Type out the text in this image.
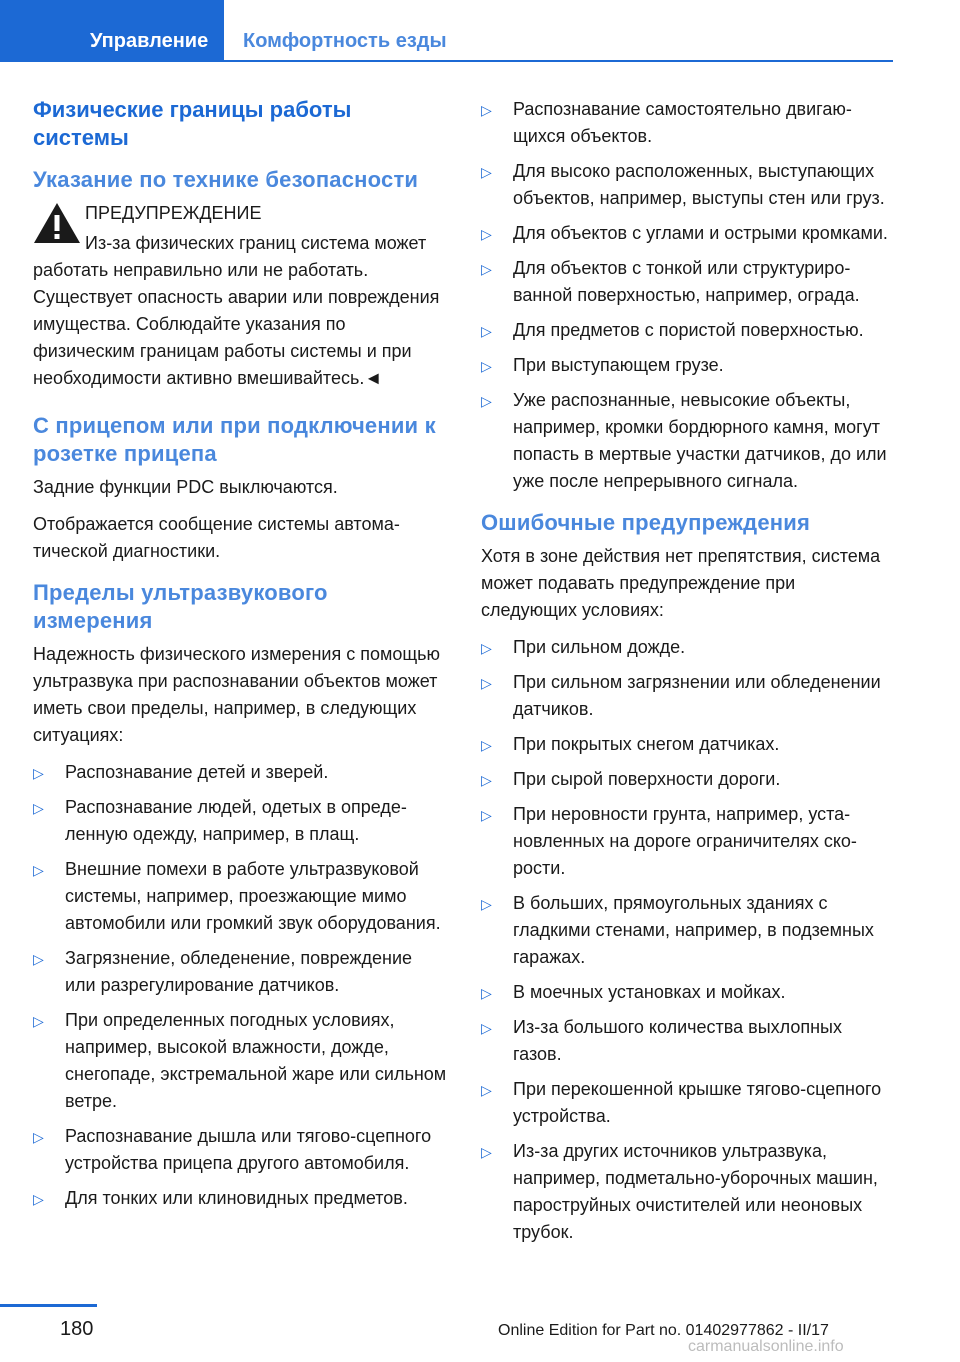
Управление	Комфортность езды
Физические границы работы системы
Указание по технике безопасности
ПРЕДУПРЕЖДЕНИЕ
Из-за физических границ система может работать неправильно или не работать. Существует опасность аварии или повреждения имущества. Соблюдайте указания по физическим границам работы системы и при необходимости активно вмешивайтесь.◄
С прицепом или при подключении к розетке прицепа

Задние функции PDC выключаются.

Отображается сообщение системы автоматической диагностики.

Пределы ультразвукового измерения

Надежность физического измерения с помощью ультразвука при распознавании объектов может иметь свои пределы, например, в следующих ситуациях:

▷ Распознавание детей и зверей.
▷ Распознавание людей, одетых в определенную одежду, например, в плащ.
▷ Внешние помехи в работе ультразвуковой системы, например, проезжающие мимо автомобили или громкий звук оборудования.
▷ Загрязнение, обледенение, повреждение или разрегулирование датчиков.
▷ При определенных погодных условиях, например, высокой влажности, дожде, снегопаде, экстремальной жаре или сильном ветре.
▷ Распознавание дышла или тягово-сцепного устройства прицепа другого автомобиля.
▷ Для тонких или клиновидных предметов.
▷ Распознавание самостоятельно двигающихся объектов.
▷ Для высоко расположенных, выступающих объектов, например, выступы стен или груз.
▷ Для объектов с углами и острыми кромками.
▷ Для объектов с тонкой или структурированной поверхностью, например, ограда.
▷ Для предметов с пористой поверхностью.
▷ При выступающем грузе.
▷ Уже распознанные, невысокие объекты, например, кромки бордюрного камня, могут попасть в мертвые участки датчиков, до или уже после непрерывного сигнала.
Ошибочные предупреждения

Хотя в зоне действия нет препятствия, система может подавать предупреждение при следующих условиях:

▷ При сильном дожде.
▷ При сильном загрязнении или обледенении датчиков.
▷ При покрытых снегом датчиках.
▷ При сырой поверхности дороги.
▷ При неровности грунта, например, установленных на дороге ограничителях скорости.
▷ В больших, прямоугольных зданиях с гладкими стенами, например, в подземных гаражах.
▷ В моечных установках и мойках.
▷ Из-за большого количества выхлопных газов.
▷ При перекошенной крышке тягово-сцепного устройства.
▷ Из-за других источников ультразвука, например, подметально-уборочных машин, пароструйных очистителей или неоновых трубок.
180	Online Edition for Part no. 01402977862 - II/17
carmanualsonline.info
